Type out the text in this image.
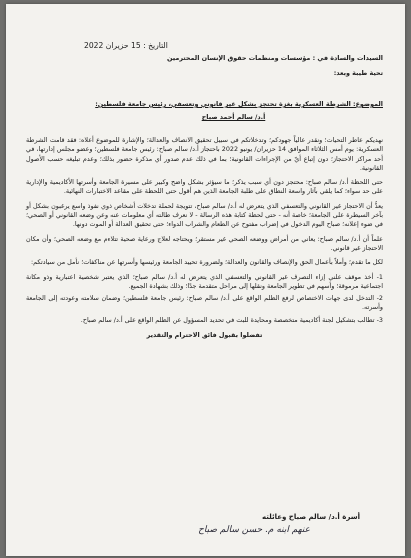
التاريخ : 15 حزيران 2022

السيدات والسادة في : مؤسسات ومنظمات حقوق الإنسان المحترمين

تحية طيبة وبعد:

الموضوع: الشرطة العسكرية بغزة تحتجز بشكل غير قانوني وتعسفي، رئيس جامعة فلسطين:
أ.د/ سالم أحمد صباح

نهديكم عاطر التحيات؛ ونقدر عالياً جهودكم؛ وتدخلاتكم في سبيل تحقيق الانصاف والعدالة؛ والإشارة للموضوع أعلاه: فقد قامت الشرطة العسكرية: يوم أمس الثلاثاء الموافق 14 حزيران/ يونيو 2022 باحتجاز أ.د/ سالم صباح: رئيس جامعة فلسطين؛ وعضو مجلس إدارتها، في أحد مراكز الاحتجاز؛ دون إتباع أيّ من الإجراءات القانونية؛ بما في ذلك عدم صدور أي مذكرة حضور بذلك؛ وعدم تبليغه حسب الأصول القانونية.

حتى اللحظة أ.د/ سالم صباح: محتجز دون أي سبب يذكر؛ ما سيؤثر بشكل واضح وكبير على مسيرة الجامعة وأسرتها الأكاديمية والإدارية على حد سواء؛ كما يلقي بآثار واسعة النطاق على طلبة الجامعة الذين هم أقول حتى اللحظة على مقاعد الاختبارات النهائية.

يعدُّ أن الاحتجاز غير القانوني والتعسفي الذي يتعرض له أ.د/ سالم صباح، تتويجة لحملة تدخلات أشخاص ذوي نفوذ واسع يرغبون بشكل أو بآخر السيطرة على الجامعة؛ خاصة أنه - حتى لحظة كتابة هذه الرسالة - لا نعرف طالته أي معلومات عنه وعن وضعه القانوني أو الصحي؛ في ضوء إعلانه؛ صباح اليوم الدخول في إضراب مفتوح عن الطعام والشراب الدواء؛ حتى تحقيق العدالة أو الموت دونها.

علماً أن أ.د/ سالم صباح: يعاني من أمراض ووضعه الصحي غير مستقر؛ ويحتاجه لعلاج ورعاية صحية تتلاءم مع وضعه الصحي؛ وأن مكان الاحتجاز غير قانوني.

لكل ما تقدم؛ وأملاً بأعمال الحق والإنصاف والقانون والعدالة؛ ولضرورة تحييد الجامعة ورئيسها وأسرتها عن مناكفات؛ نأمل من سيادتكم:

1- أخذ موقف علني إزاء التصرف غير القانوني والتعسفي الذي يتعرض له أ.د/ سالم صباح؛ الذي يعتبر شخصية اعتبارية وذو مكانة اجتماعية مرموقة؛ وأسهم في تطوير الجامعة ونقلها إلى مراحل متقدمة جدًا؛ وذلك بشهادة الجميع.
2- التدخل لدى جهات الاختصاص لرفع الظلم الواقع على أ.د/ سالم صباح: رئيس جامعة فلسطين؛ وضمان سلامته وعودته إلى الجامعة وأسرته.
3- تطالب بتشكيل لجنة أكاديمية متخصصة ومحايدة للبت في تحديد المسؤول عن الظلم الواقع على أ.د/ سالم صباح.

تفضلوا بقبول فائق الاحترام والتقدير

أسرة أ.د/ سالم صباح وعائلته
عنهم ابنه م. حسن سالم صباح
